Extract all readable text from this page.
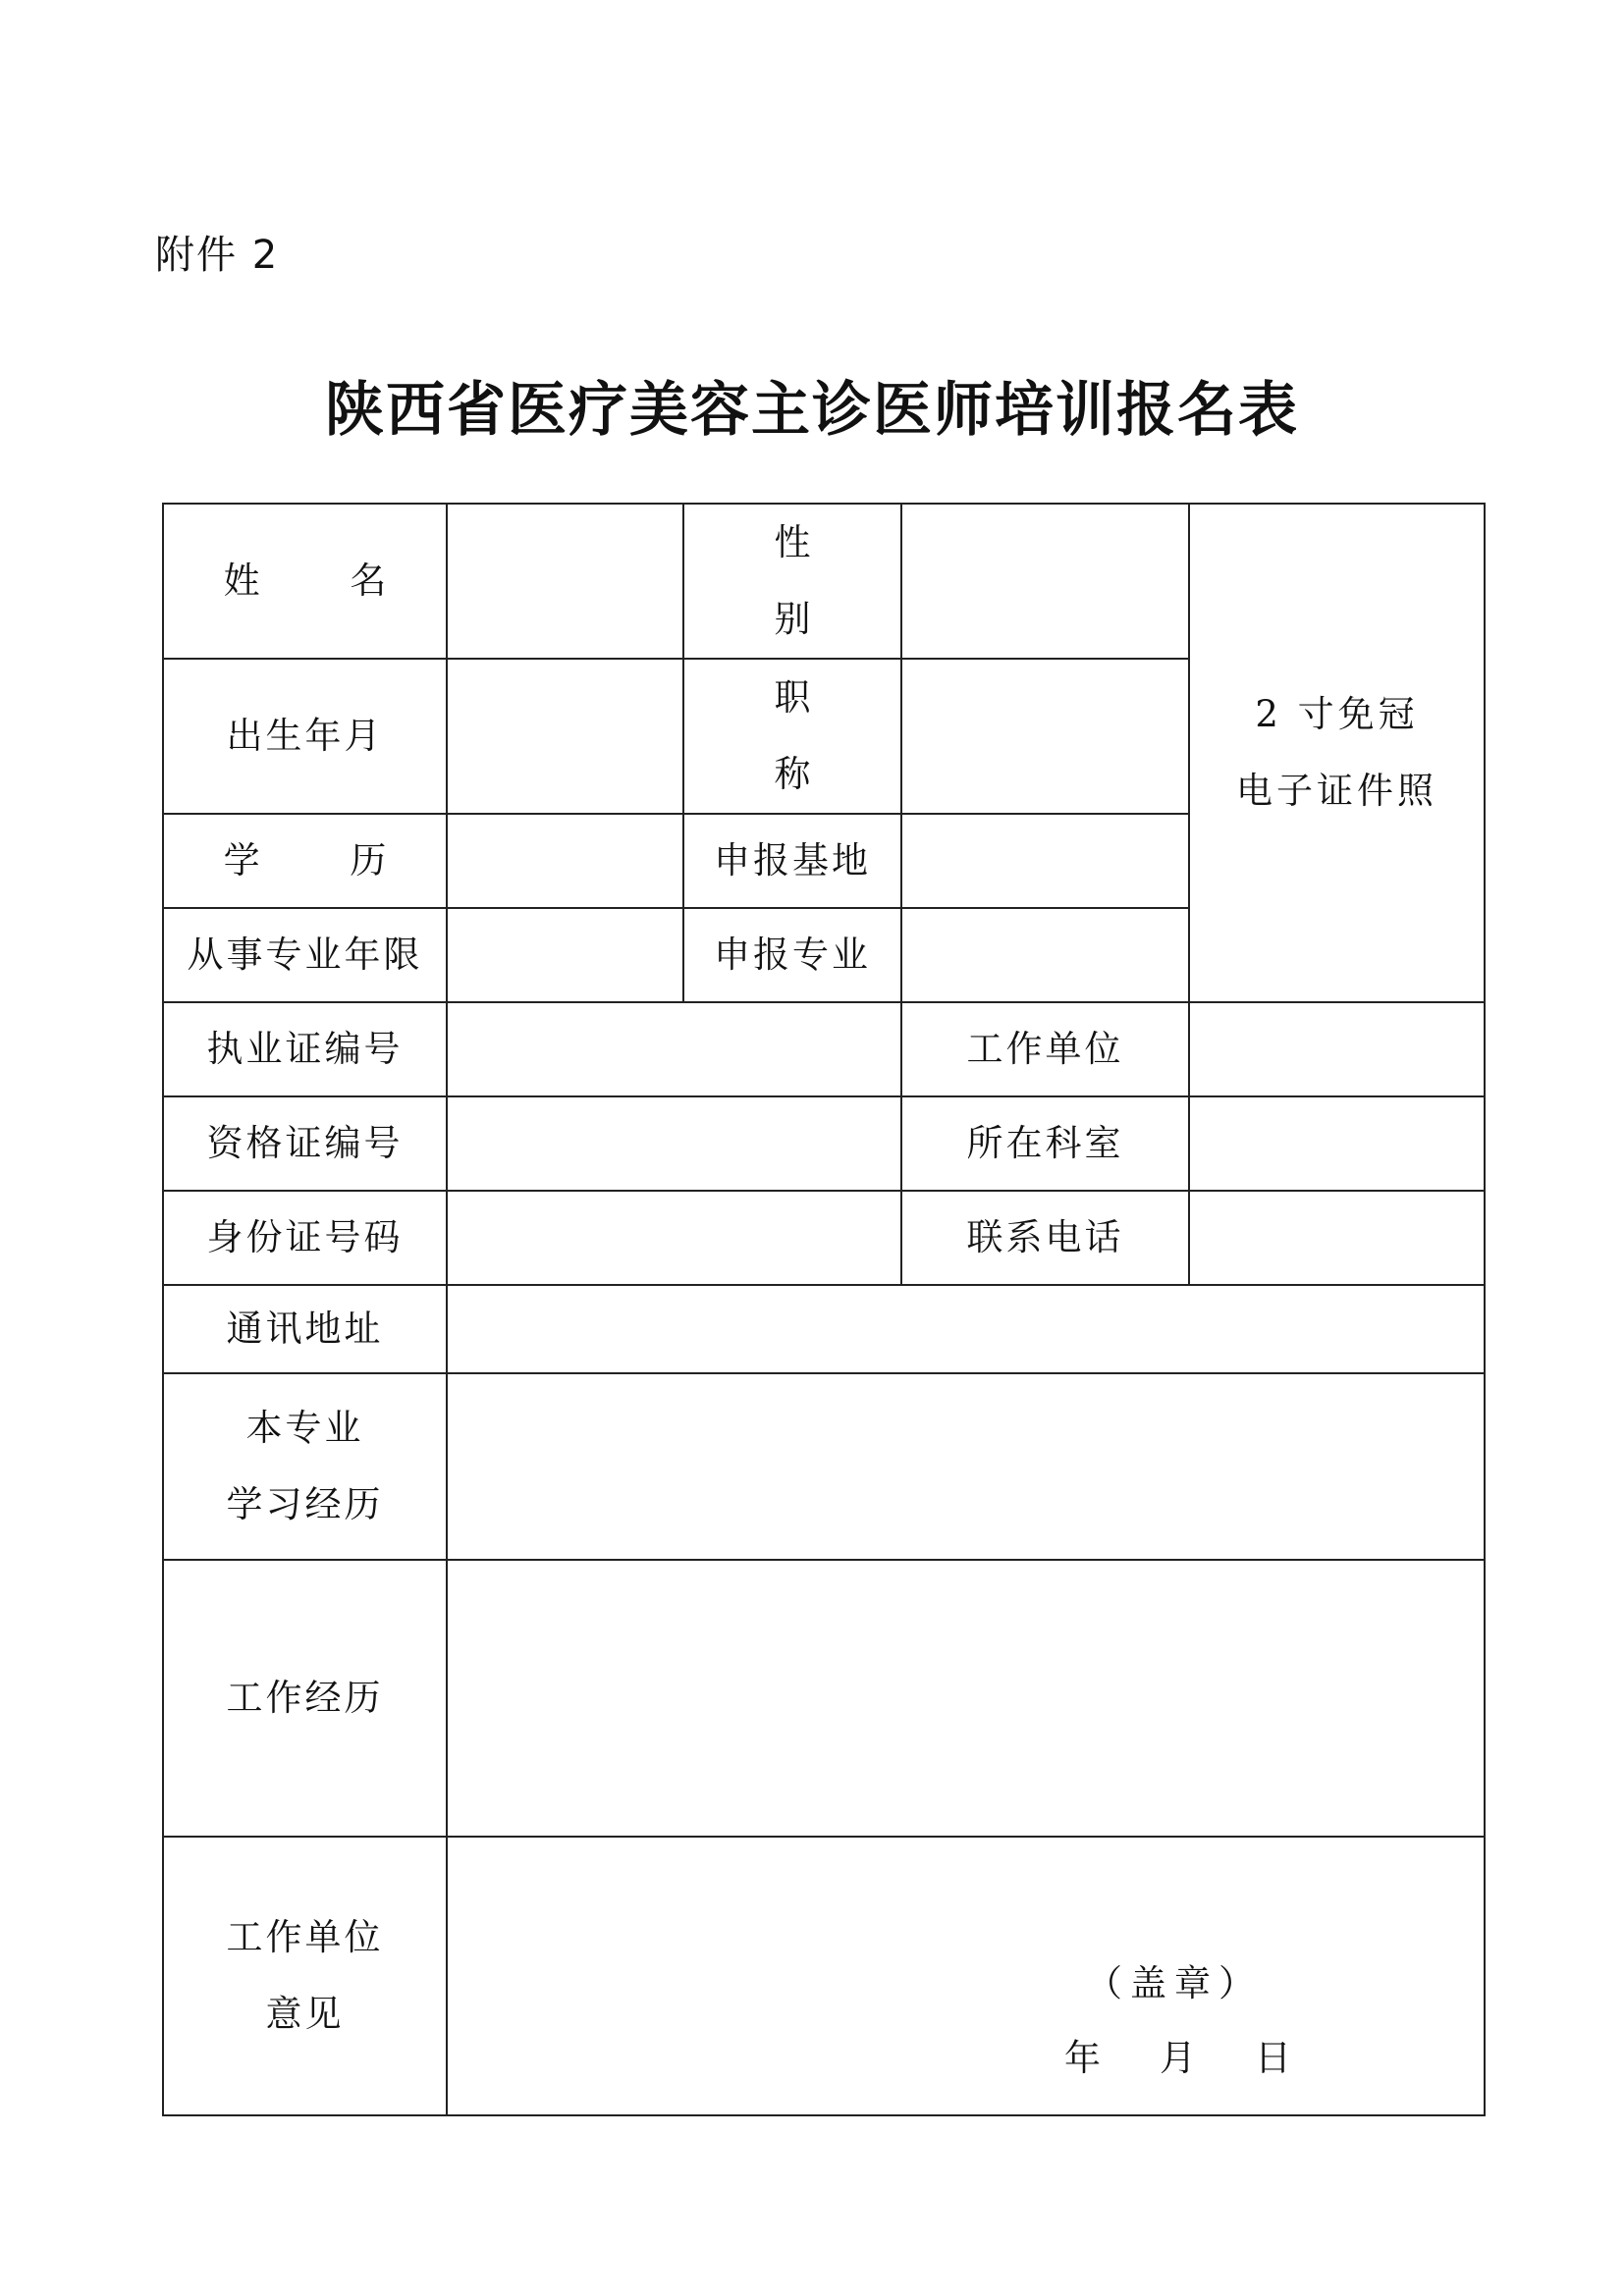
附件 2
陕西省医疗美容主诊医师培训报名表
姓 名		性 别		2 寸免冠
电子证件照

出生年月		职 称		
学 历		申报基地		
从事专业年限		申报专业		
执业证编号			工作单位	
资格证编号			所在科室	
身份证号码			联系电话	
通讯地址				

本专业
学习经历				

工作经历				

工作单位
意见	（盖章）
年 月 日			
